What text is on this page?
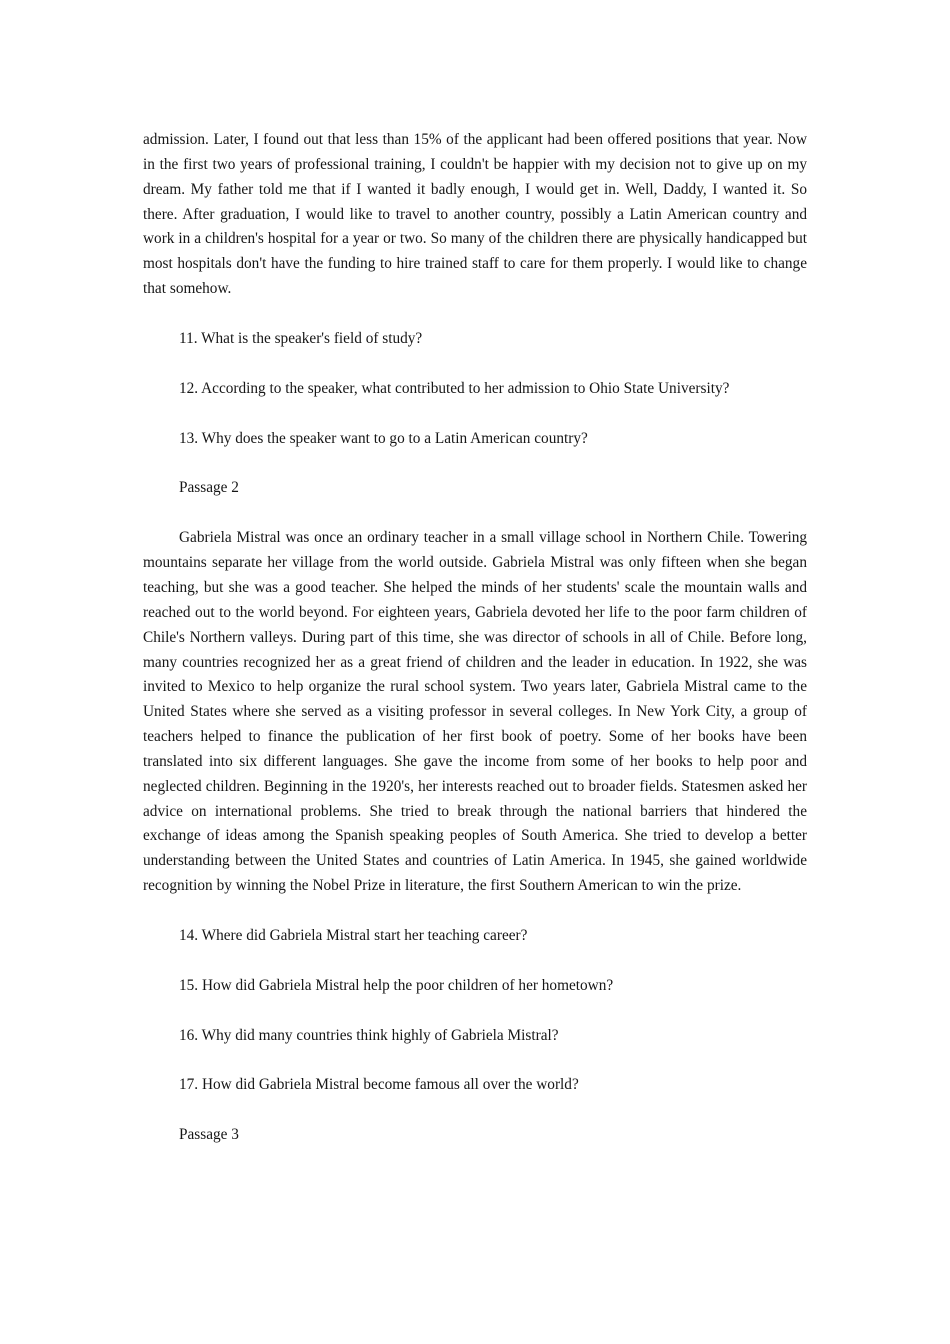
admission. Later, I found out that less than 15% of the applicant had been offered positions that year. Now in the first two years of professional training, I couldn't be happier with my decision not to give up on my dream. My father told me that if I wanted it badly enough, I would get in. Well, Daddy, I wanted it. So there. After graduation, I would like to travel to another country, possibly a Latin American country and work in a children's hospital for a year or two. So many of the children there are physically handicapped but most hospitals don't have the funding to hire trained staff to care for them properly. I would like to change that somehow.

11. What is the speaker's field of study?

12. According to the speaker, what contributed to her admission to Ohio State University?

13. Why does the speaker want to go to a Latin American country?

Passage 2

Gabriela Mistral was once an ordinary teacher in a small village school in Northern Chile. Towering mountains separate her village from the world outside. Gabriela Mistral was only fifteen when she began teaching, but she was a good teacher. She helped the minds of her students' scale the mountain walls and reached out to the world beyond. For eighteen years, Gabriela devoted her life to the poor farm children of Chile's Northern valleys. During part of this time, she was director of schools in all of Chile. Before long, many countries recognized her as a great friend of children and the leader in education. In 1922, she was invited to Mexico to help organize the rural school system. Two years later, Gabriela Mistral came to the United States where she served as a visiting professor in several colleges. In New York City, a group of teachers helped to finance the publication of her first book of poetry. Some of her books have been translated into six different languages. She gave the income from some of her books to help poor and neglected children. Beginning in the 1920's, her interests reached out to broader fields. Statesmen asked her advice on international problems. She tried to break through the national barriers that hindered the exchange of ideas among the Spanish speaking peoples of South America. She tried to develop a better understanding between the United States and countries of Latin America. In 1945, she gained worldwide recognition by winning the Nobel Prize in literature, the first Southern American to win the prize.

14. Where did Gabriela Mistral start her teaching career?

15. How did Gabriela Mistral help the poor children of her hometown?

16. Why did many countries think highly of Gabriela Mistral?

17. How did Gabriela Mistral become famous all over the world?

Passage 3
